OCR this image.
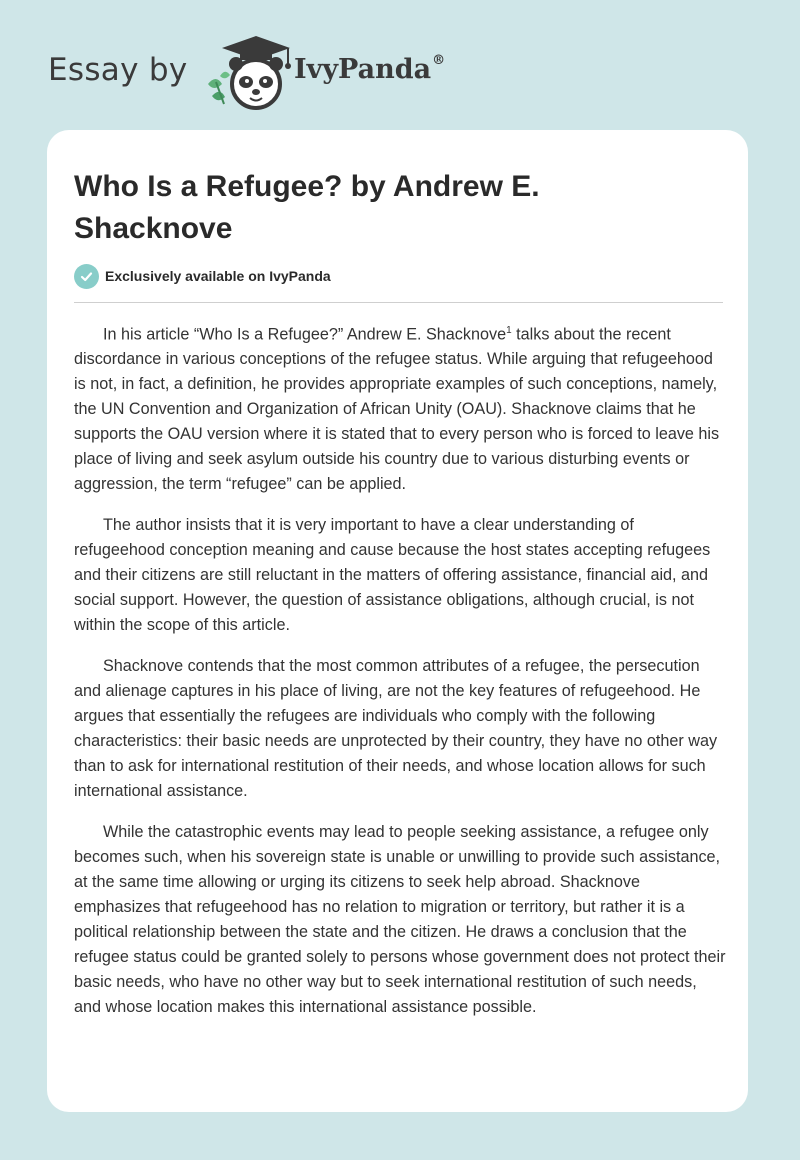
Essay by	IvyPanda®
Who Is a Refugee? by Andrew E. Shacknove
Exclusively available on IvyPanda

In his article “Who Is a Refugee?” Andrew E. Shacknove$^1$ talks about the recent discordance in various conceptions of the refugee status. While arguing that refugeehood is not, in fact, a definition, he provides appropriate examples of such conceptions, namely, the UN Convention and Organization of African Unity (OAU). Shacknove claims that he supports the OAU version where it is stated that to every person who is forced to leave his place of living and seek asylum outside his country due to various disturbing events or aggression, the term “refugee” can be applied.

The author insists that it is very important to have a clear understanding of refugeehood conception meaning and cause because the host states accepting refugees and their citizens are still reluctant in the matters of offering assistance, financial aid, and social support. However, the question of assistance obligations, although crucial, is not within the scope of this article.

Shacknove contends that the most common attributes of a refugee, the persecution and alienage captures in his place of living, are not the key features of refugeehood. He argues that essentially the refugees are individuals who comply with the following characteristics: their basic needs are unprotected by their country, they have no other way than to ask for international restitution of their needs, and whose location allows for such international assistance.

While the catastrophic events may lead to people seeking assistance, a refugee only becomes such, when his sovereign state is unable or unwilling to provide such assistance, at the same time allowing or urging its citizens to seek help abroad. Shacknove emphasizes that refugeehood has no relation to migration or territory, but rather it is a political relationship between the state and the citizen. He draws a conclusion that the refugee status could be granted solely to persons whose government does not protect their basic needs, who have no other way but to seek international restitution of such needs, and whose location makes this international assistance possible.
